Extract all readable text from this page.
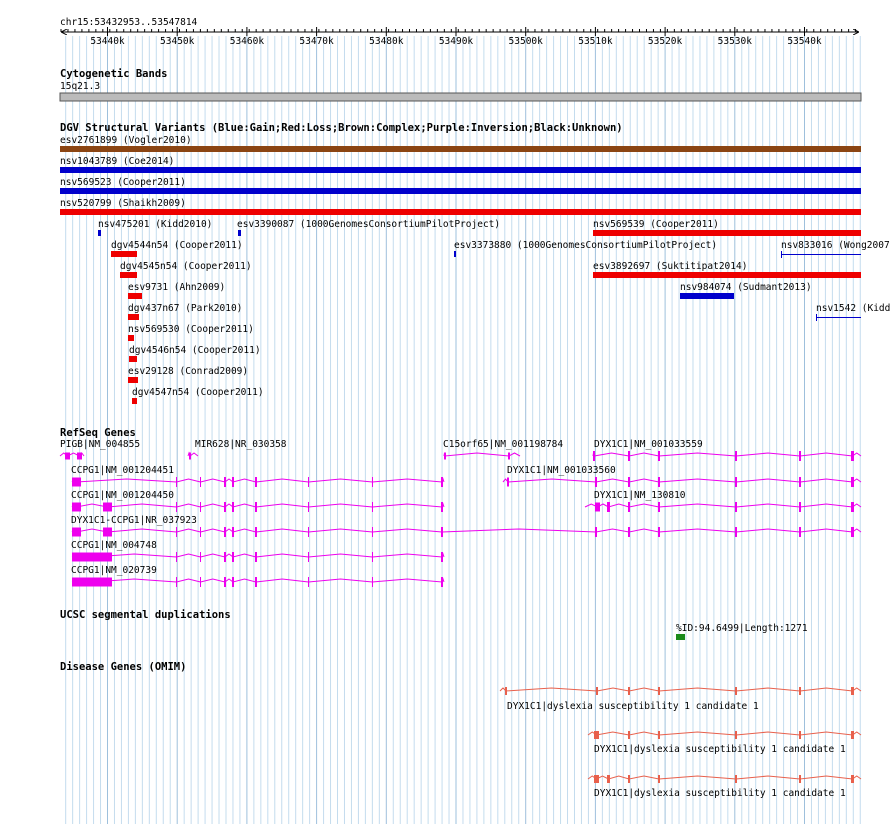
chr15:53432953..53547814
53440k	53450k	53460k	53470k	53480k	53490k	53500k	53510k	53520k	53530k	53540k
Cytogenetic Bands
15q21.3
DGV Structural Variants (Blue:Gain;Red:Loss;Brown:Complex;Purple:Inversion;Black:Unknown)
esv2761899 (Vogler2010)
nsv1043789 (Coe2014)
nsv569523 (Cooper2011)
nsv520799 (Shaikh2009)
nsv475201 (Kidd2010)	esv3390087 (1000GenomesConsortiumPilotProject)	nsv569539 (Cooper2011)
dgv4544n54 (Cooper2011)	esv3373880 (1000GenomesConsortiumPilotProject)	nsv833016 (Wong2007
dgv4545n54 (Cooper2011)	esv3892697 (Suktitipat2014)
esv9731 (Ahn2009)	nsv984074 (Sudmant2013)
dgv437n67 (Park2010)	nsv1542 (Kidd
nsv569530 (Cooper2011)
dgv4546n54 (Cooper2011)
esv29128 (Conrad2009)
dgv4547n54 (Cooper2011)
RefSeq Genes
PIGB|NM_004855	MIR628|NR_030358	C15orf65|NM_001198784	DYX1C1|NM_001033559
CCPG1|NM_001204451	DYX1C1|NM_001033560
CCPG1|NM_001204450	DYX1C1|NM_130810
DYX1C1-CCPG1|NR_037923
CCPG1|NM_004748
CCPG1|NM_020739
UCSC segmental duplications
%ID:94.6499|Length:1271
Disease Genes (OMIM)
DYX1C1|dyslexia susceptibility 1 candidate 1
DYX1C1|dyslexia susceptibility 1 candidate 1
DYX1C1|dyslexia susceptibility 1 candidate 1
